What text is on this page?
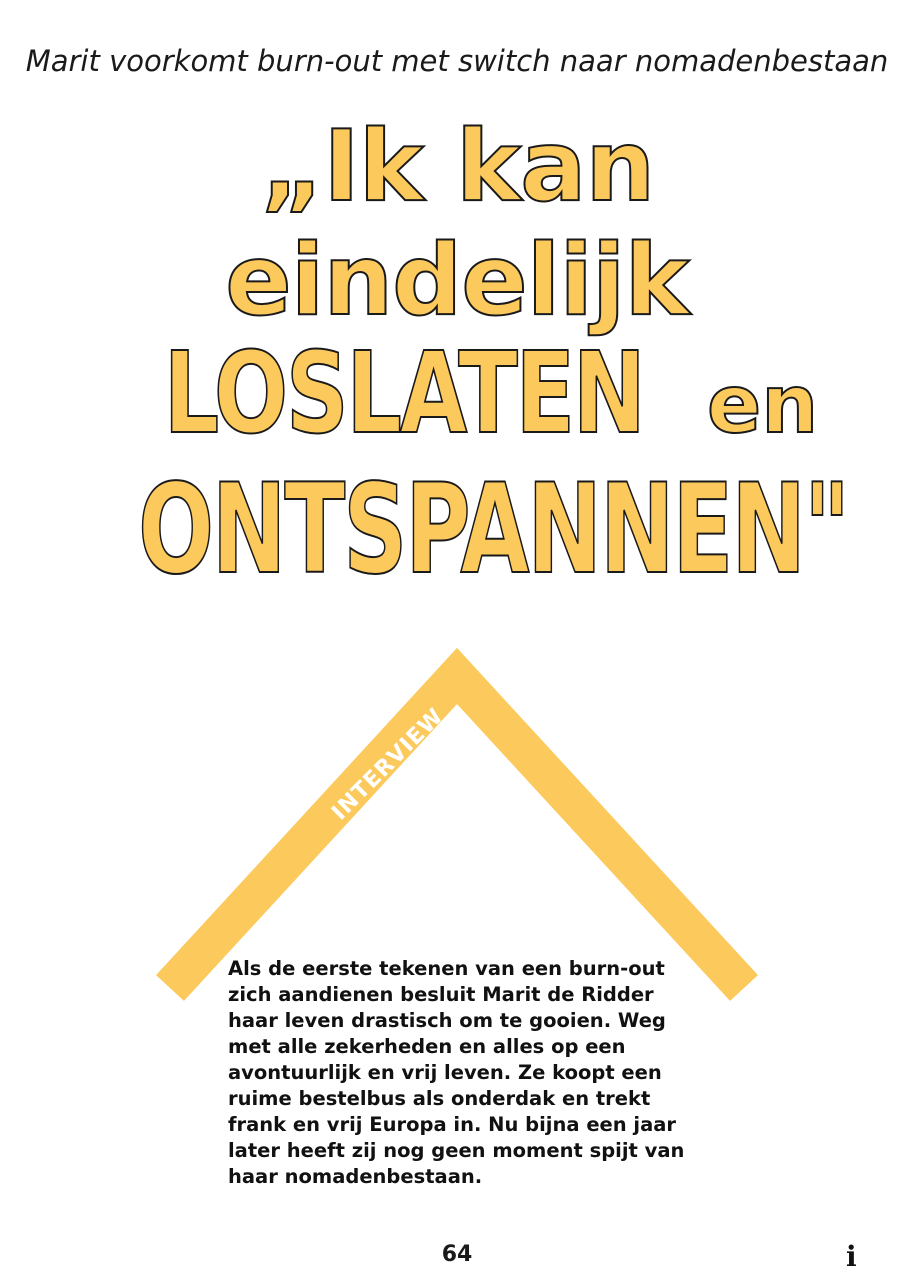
Marit voorkomt burn-out met switch naar nomadenbestaan
„Ik kan
eindelijk
LOSLATEN en
ONTSPANNEN"
INTERVIEW
Als de eerste tekenen van een burn-out
zich aandienen besluit Marit de Ridder
haar leven drastisch om te gooien. Weg
met alle zekerheden en alles op een
avontuurlijk en vrij leven. Ze koopt een
ruime bestelbus als onderdak en trekt
frank en vrij Europa in. Nu bijna een jaar
later heeft zij nog geen moment spijt van
haar nomadenbestaan.
64	i
